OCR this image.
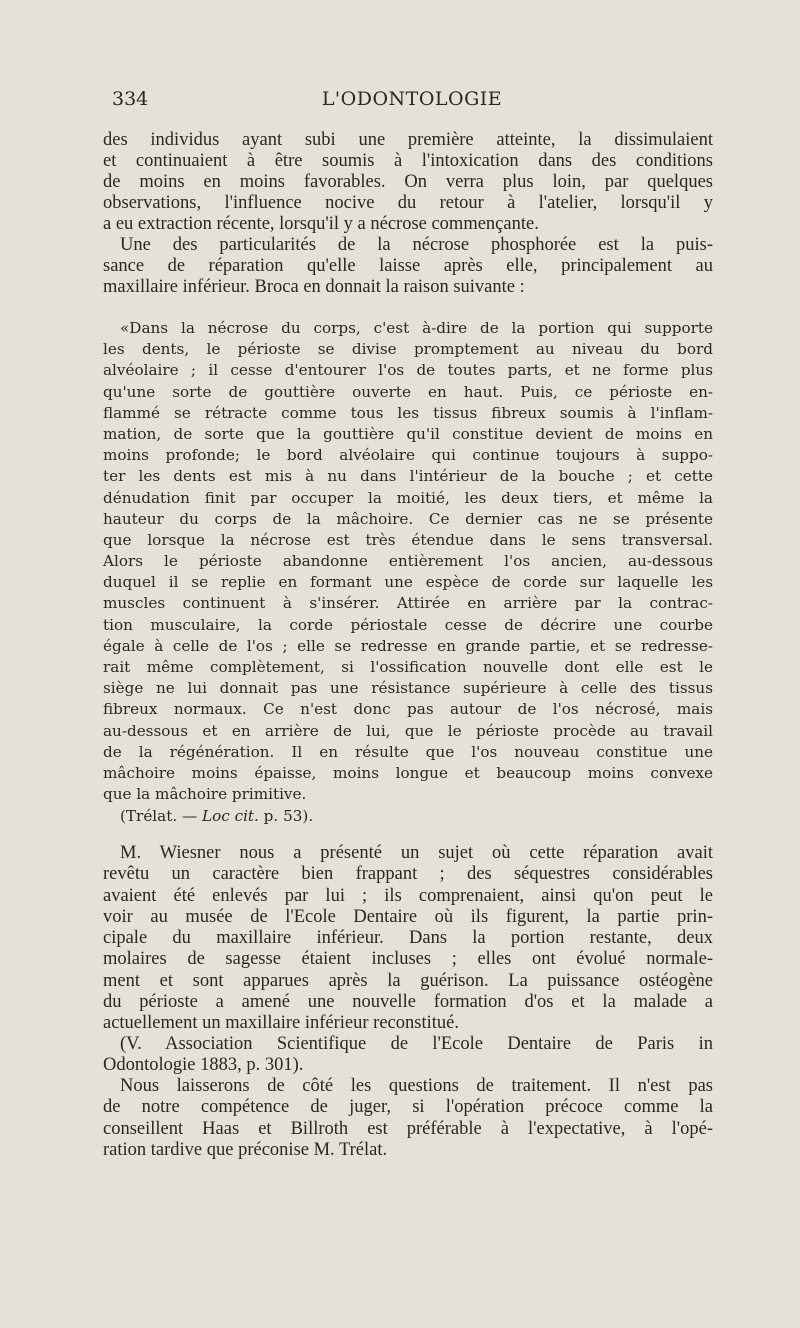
334	L'ODONTOLOGIE
des individus ayant subi une première atteinte, la dissimulaient
et continuaient à être soumis à l'intoxication dans des conditions
de moins en moins favorables. On verra plus loin, par quelques
observations, l'influence nocive du retour à l'atelier, lorsqu'il y
a eu extraction récente, lorsqu'il y a nécrose commençante.
Une des particularités de la nécrose phosphorée est la puis-
sance de réparation qu'elle laisse après elle, principalement au
maxillaire inférieur. Broca en donnait la raison suivante :
«Dans la nécrose du corps, c'est à-dire de la portion qui supporte
les dents, le périoste se divise promptement au niveau du bord
alvéolaire ; il cesse d'entourer l'os de toutes parts, et ne forme plus
qu'une sorte de gouttière ouverte en haut. Puis, ce périoste en-
flammé se rétracte comme tous les tissus fibreux soumis à l'inflam-
mation, de sorte que la gouttière qu'il constitue devient de moins en
moins profonde; le bord alvéolaire qui continue toujours à suppo-
ter les dents est mis à nu dans l'intérieur de la bouche ; et cette
dénudation finit par occuper la moitié, les deux tiers, et même la
hauteur du corps de la mâchoire. Ce dernier cas ne se présente
que lorsque la nécrose est très étendue dans le sens transversal.
Alors le périoste abandonne entièrement l'os ancien, au-dessous
duquel il se replie en formant une espèce de corde sur laquelle les
muscles continuent à s'insérer. Attirée en arrière par la contrac-
tion musculaire, la corde périostale cesse de décrire une courbe
égale à celle de l'os ; elle se redresse en grande partie, et se redresse-
rait même complètement, si l'ossification nouvelle dont elle est le
siège ne lui donnait pas une résistance supérieure à celle des tissus
fibreux normaux. Ce n'est donc pas autour de l'os nécrosé, mais
au-dessous et en arrière de lui, que le périoste procède au travail
de la régénération. Il en résulte que l'os nouveau constitue une
mâchoire moins épaisse, moins longue et beaucoup moins convexe
que la mâchoire primitive.
(Trélat. — Loc cit. p. 53).
M. Wiesner nous a présenté un sujet où cette réparation avait
revêtu un caractère bien frappant ; des séquestres considérables
avaient été enlevés par lui ; ils comprenaient, ainsi qu'on peut le
voir au musée de l'Ecole Dentaire où ils figurent, la partie prin-
cipale du maxillaire inférieur. Dans la portion restante, deux
molaires de sagesse étaient incluses ; elles ont évolué normale-
ment et sont apparues après la guérison. La puissance ostéogène
du périoste a amené une nouvelle formation d'os et la malade a
actuellement un maxillaire inférieur reconstitué.
(V. Association Scientifique de l'Ecole Dentaire de Paris in
Odontologie 1883, p. 301).
Nous laisserons de côté les questions de traitement. Il n'est pas
de notre compétence de juger, si l'opération précoce comme la
conseillent Haas et Billroth est préférable à l'expectative, à l'opé-
ration tardive que préconise M. Trélat.
